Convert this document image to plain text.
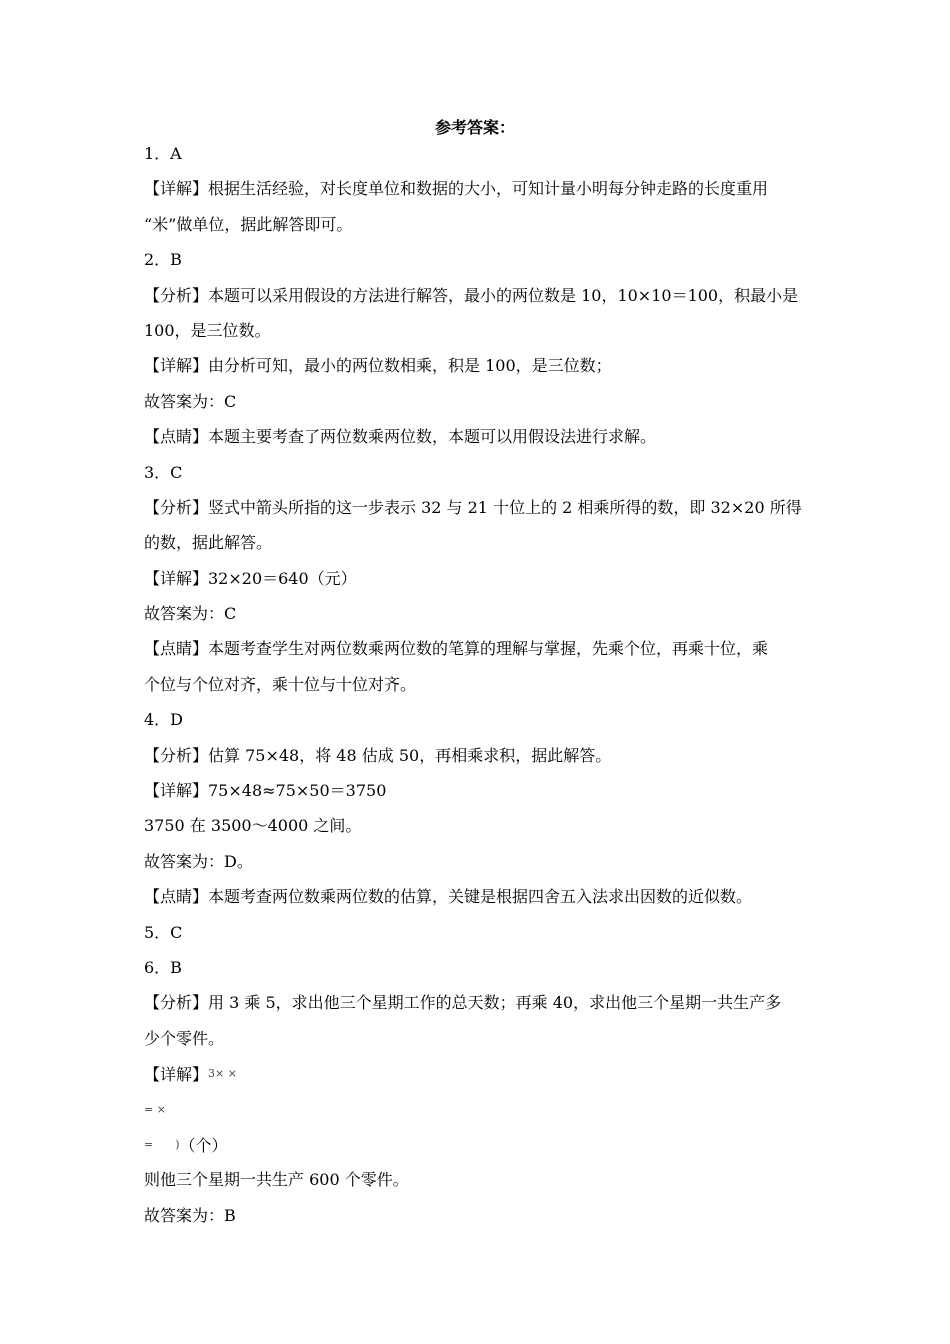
参考答案：
1．A
【详解】根据生活经验，对长度单位和数据的大小，可知计量小明每分钟走路的长度重用
“米”做单位，据此解答即可。
2．B
【分析】本题可以采用假设的方法进行解答，最小的两位数是 10，10×10＝100，积最小是
100，是三位数。
【详解】由分析可知，最小的两位数相乘，积是 100，是三位数；
故答案为：C
【点睛】本题主要考查了两位数乘两位数，本题可以用假设法进行求解。
3．C
【分析】竖式中箭头所指的这一步表示 32 与 21 十位上的 2 相乘所得的数，即 32×20 所得
的数，据此解答。
【详解】32×20＝640（元）
故答案为：C
【点睛】本题考查学生对两位数乘两位数的笔算的理解与掌握，先乘个位，再乘十位，乘
个位与个位对齐，乘十位与十位对齐。
4．D
【分析】估算 75×48，将 48 估成 50，再相乘求积，据此解答。
【详解】75×48≈75×50＝3750
3750 在 3500～4000 之间。
故答案为：D。
【点睛】本题考查两位数乘两位数的估算，关键是根据四舍五入法求出因数的近似数。
5．C
6．B
【分析】用 3 乘 5，求出他三个星期工作的总天数；再乘 40，求出他三个星期一共生产多
少个零件。
【详解】3× ×
= ×
= )（个）
则他三个星期一共生产 600 个零件。
故答案为：B
